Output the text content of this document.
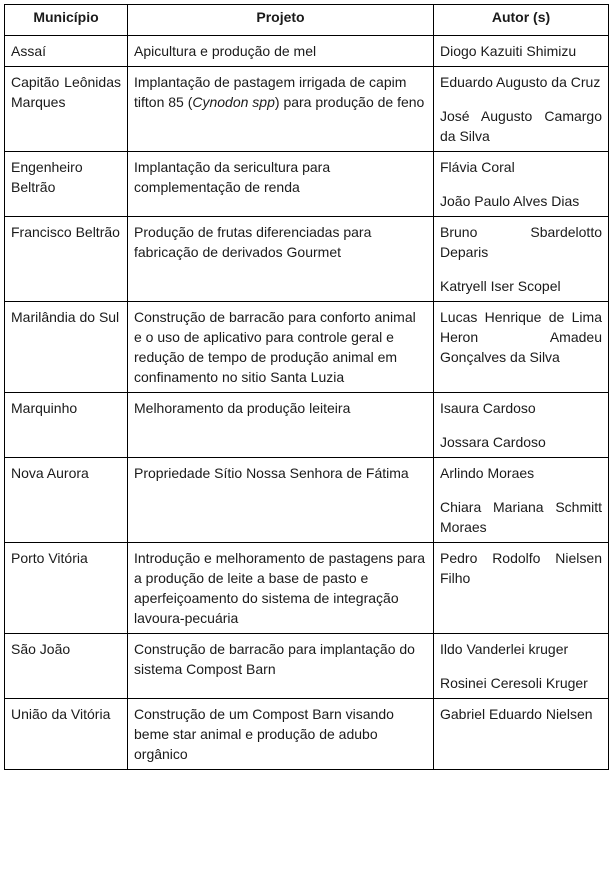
Município	Projeto	Autor (s)
Assaí	Apicultura e produção de mel	Diogo Kazuiti Shimizu

Capitão Leônidas Marques	Implantação de pastagem irrigada de capim tifton 85 (Cynodon spp) para produção de feno	Eduardo Augusto da Cruz
José Augusto Camargo da Silva

Engenheiro Beltrão	Implantação da sericultura para complementação de renda	Flávia Coral
João Paulo Alves Dias

Francisco Beltrão	Produção de frutas diferenciadas para fabricação de derivados Gourmet	Bruno Sbardelotto Deparis
Katryell Iser Scopel

Marilândia do Sul	Construção de barracão para conforto animal e o uso de aplicativo para controle geral e redução de tempo de produção animal em confinamento no sitio Santa Luzia	Lucas Henrique de Lima Heron Amadeu Gonçalves da Silva

Marquinho	Melhoramento da produção leiteira	Isaura Cardoso
Jossara Cardoso

Nova Aurora	Propriedade Sítio Nossa Senhora de Fátima	Arlindo Moraes
Chiara Mariana Schmitt Moraes

Porto Vitória	Introdução e melhoramento de pastagens para a produção de leite a base de pasto e aperfeiçoamento do sistema de integração lavoura-pecuária	Pedro Rodolfo Nielsen Filho

São João	Construção de barracão para implantação do sistema Compost Barn	Ildo Vanderlei kruger
Rosinei Ceresoli Kruger

União da Vitória	Construção de um Compost Barn visando beme star animal e produção de adubo orgânico	Gabriel Eduardo Nielsen
